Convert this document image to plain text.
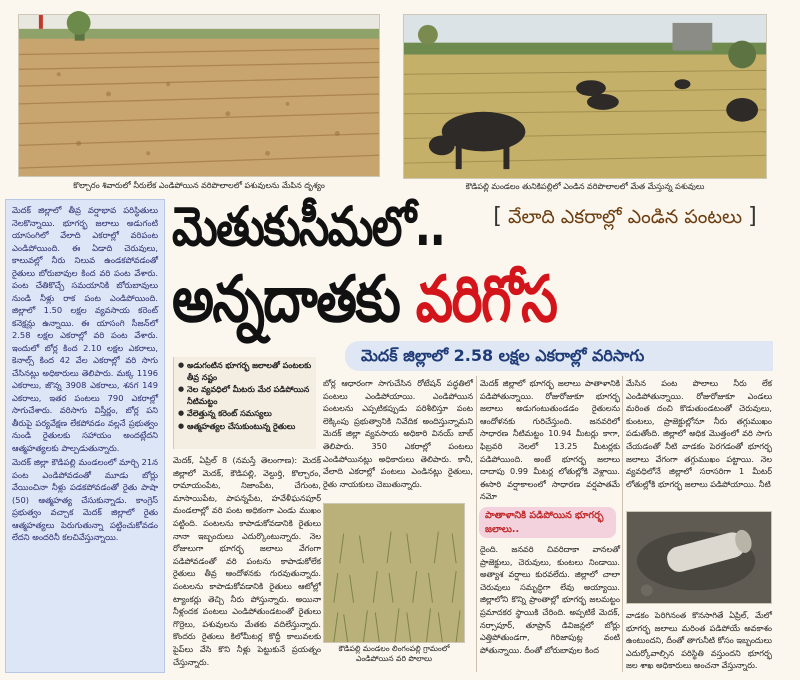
కొల్చారం శివారులో నీరులేక ఎండిపోయిన వరిపొలాలలో పశువులను మేపిన దృశ్యం	కౌడిపల్లి మండలం తునికిపల్లిలో ఎండిన వరిపొలాలలో మేత మేస్తున్న పశువులు

మెదక్ జిల్లాలో తీవ్ర వర్షాభావ పరిస్థితులు నెలకొన్నాయి. భూగర్భ జలాలు అడుగంటి యాసంగిలో వేలాది ఎకరాల్లో వరిపంట ఎండిపోయింది. ఈ ఏడాది చెరువులు, కాలువల్లో నీరు నిలువ ఉండకపోవడంతో రైతులు బోరుబావుల కింద వరి పంట వేశారు. పంట చేతికొచ్చే సమయానికి బోరుబావులు నుండి నీళ్లు రాక పంట ఎండిపోయింది. జిల్లాలో 1.50 లక్షల వ్యవసాయ కరెంట్ కనెక్షన్లు ఉన్నాయి. ఈ యాసంగి సీజన్‌లో 2.58 లక్షల ఎకరాల్లో వరి పంట వేశారు. ఇందులో బోర్ల కింద 2.10 లక్షల ఎకరాలు, కెనాల్స్ కింద 42 వేల ఎకరాల్లో వరి సాగు చేసినట్లు అధికారులు తెలిపారు. మక్క 1196 ఎకరాలు, జొన్న 3908 ఎకరాలు, శనగ 149 ఎకరాలు, ఇతర పంటలు 790 ఎకరాల్లో సాగుచేశారు. వరిసాగు విస్తీర్ణం, బోర్ల పని తీరుపై పర్యవేక్షణ లేకపోవడం వల్లనే ప్రభుత్వం నుండి రైతులకు సహాయం అందట్లేదని ఆత్మహత్యలకు పాల్పడుతున్నారు.

మెదక్ జిల్లా కౌడిపల్లి మండలంలో మార్చి 21న పంట ఎండిపోవడంతో మూడు బోర్లు వేయించినా నీళ్లు పడకపోవడంతో రైతు పాషా (50) ఆత్మహత్య చేసుకున్నాడు. కాంగ్రెస్ ప్రభుత్వం వచ్చాక మెదక్ జిల్లాలో రైతు ఆత్మహత్యలు పెరుగుతున్నా పట్టించుకోవడం లేదని అందరినీ కలచివేస్తున్నాయి.

[ వేలాది ఎకరాల్లో ఎండిన పంటలు ]
మెతుకుసీమలో..
అన్నదాతకు వరిగోస
మెదక్ జిల్లాలో 2.58 లక్షల ఎకరాల్లో వరిసాగు
● అడుగంటిన భూగర్భ జలాలతో పంటలకు తీవ్ర నష్టం
● నెల వ్యవధిలో మీటరు మేర పడిపోయిన నీటిమట్టం
● వేలెత్తున్న కరెంట్ సమస్యలు
● ఆత్మహత్యల చేసుకుంటున్న రైతులు

బోర్ల ఆధారంగా సాగుచేసిన రోటేషన్ పద్ధతిలో పంటలు ఎండిపోయాయి. ఎండిపోయిన పంటలను ఎప్పటికప్పుడు పరిశీలిస్తూ పంట లెక్కింపు ప్రభుత్వానికి నివేదిక అందిస్తున్నామని మెదక్ జిల్లా వ్యవసాయ అధికారి వినయ్ బాబ్ తెలిపారు. 350 ఎకరాల్లో పంటలు ఎండిపోయినట్లు అధికారులు తెలిపారు. కానీ, వేలాది ఎకరాల్లో పంటలు ఎండినట్లు రైతులు, రైతు నాయకులు చెబుతున్నారు.

మెదక్, ఏప్రిల్ 8 (నమస్తే తెలంగాణ): మెదక్ జిల్లాలో మెదక్, కౌడిపల్లి, వెల్దుర్తి, కొల్చారం, రామాయంపేట, నిజాంపేట, చేగుంట, మాసాయిపేట, పాపన్నపేట, హవేళీఘనపూర్ మండలాల్లో వరి పంట అధికంగా ఎండు ముఖం పట్టింది. పంటలను కాపాడుకోవడానికి రైతులు నానా ఇబ్బందులు ఎదుర్కొంటున్నారు. నెల రోజులుగా భూగర్భ జలాలు వేగంగా పడిపోవడంతో వరి పంటను కాపాడుకోలేక రైతులు తీవ్ర ఆందోళనకు గురవుతున్నారు. పంటలను కాపాడుకోవడానికి రైతులు ఆటోల్లో ట్యాంకర్లు తెచ్చి నీరు పోస్తున్నారు. అయినా నీళ్లందక పంటలు ఎండిపోతుండటంతో రైతులు గొర్రెలు, పశువులను మేతకు వదిలేస్తున్నారు. కొందరు రైతులు కిలోమీటర్ల కొద్దీ కాలువలకు పైప్‌లు వేసి కొని నీళ్లు పెట్టుకునే ప్రయత్నం చేస్తున్నారు.

కౌడిపల్లి మండలం లింగంపల్లి గ్రామంలో ఎండిపోయిన వరి పొలాలు

మెదక్ జిల్లాలో భూగర్భ జలాలు పాతాళానికి పడిపోతున్నాయి. రోజురోజుకూ భూగర్భ జలాలు అడుగంటుతుండడం రైతులను ఆందోళనకు గురిచేస్తుంది. జనవరిలో సాధారణ నీటిమట్టం 10.94 మీటర్లు కాగా, ఫిబ్రవరి నెలలో 13.25 మీటర్లకు పడిపోయింది. అంటే భూగర్భ జలాలు దాదాపు 0.99 మీటర్ల లోతుల్లోకి వెళ్లాయి. ఈసారి వర్షాకాలంలో సాధారణ వర్షపాతమే నమో

మేసిన పంట పొలాలు నీరు లేక ఎండిపోతున్నాయి. రోజురోజుకూ ఎండలు మరింత దంచి కొడుతుండటంతో చెరువులు, కుంటలు, ప్రాజెక్టుల్లోనూ నీరు తగ్గుముఖం పడుతోంది. జిల్లాలో అధిక మొత్తంలో వరి సాగు చేయడంతో నీటి వాడకం పెరగడంతో భూగర్భ జలాలు వేగంగా తగ్గుముఖం పట్టాయి. నెల వ్యవధిలోనే జిల్లాలో సరాసరిగా 1 మీటర్ లోతుల్లోకి భూగర్భ జలాలు పడిపోయాయి. నీటి

పాతాళానికి పడిపోయిన భూగర్భ జలాలు..

దైంది. జనవరి చివరిదాకా వానలతో ప్రాజెక్టులు, చెరువులు, కుంటలు నిండాయి. అత్యాశ వర్షాలు కురవలేదు. జిల్లాలో చాలా చెరువులు సమృద్ధిగా లేవు అయ్యాయి. జిల్లాలోని కొన్ని ప్రాంతాల్లో భూగర్భ జలమట్టం ప్రమాదకర స్థాయికి చేరింది. అప్పటికే మెదక్, నర్సాపూర్, తూప్రాన్ డివిజన్లలో బోర్లు ఎత్తిపోతుండగా, గిరిజాపుట్ల వంటి పోతున్నాయి. దీంతో బోరుబావుల కింద

వాడకం పెరిగినంత కొనసాగితే ఏప్రిల్, మేలో భూగర్భ జలాలు మరింత పడిపోయే అవకాశం ఉంటుందని, దీంతో తాగునీటి కోసం ఇబ్బందులు ఎదుర్కోవాల్సిన పరిస్థితి వస్తుందని భూగర్భ జల శాఖ అధికారులు అంచనా వేస్తున్నారు.
